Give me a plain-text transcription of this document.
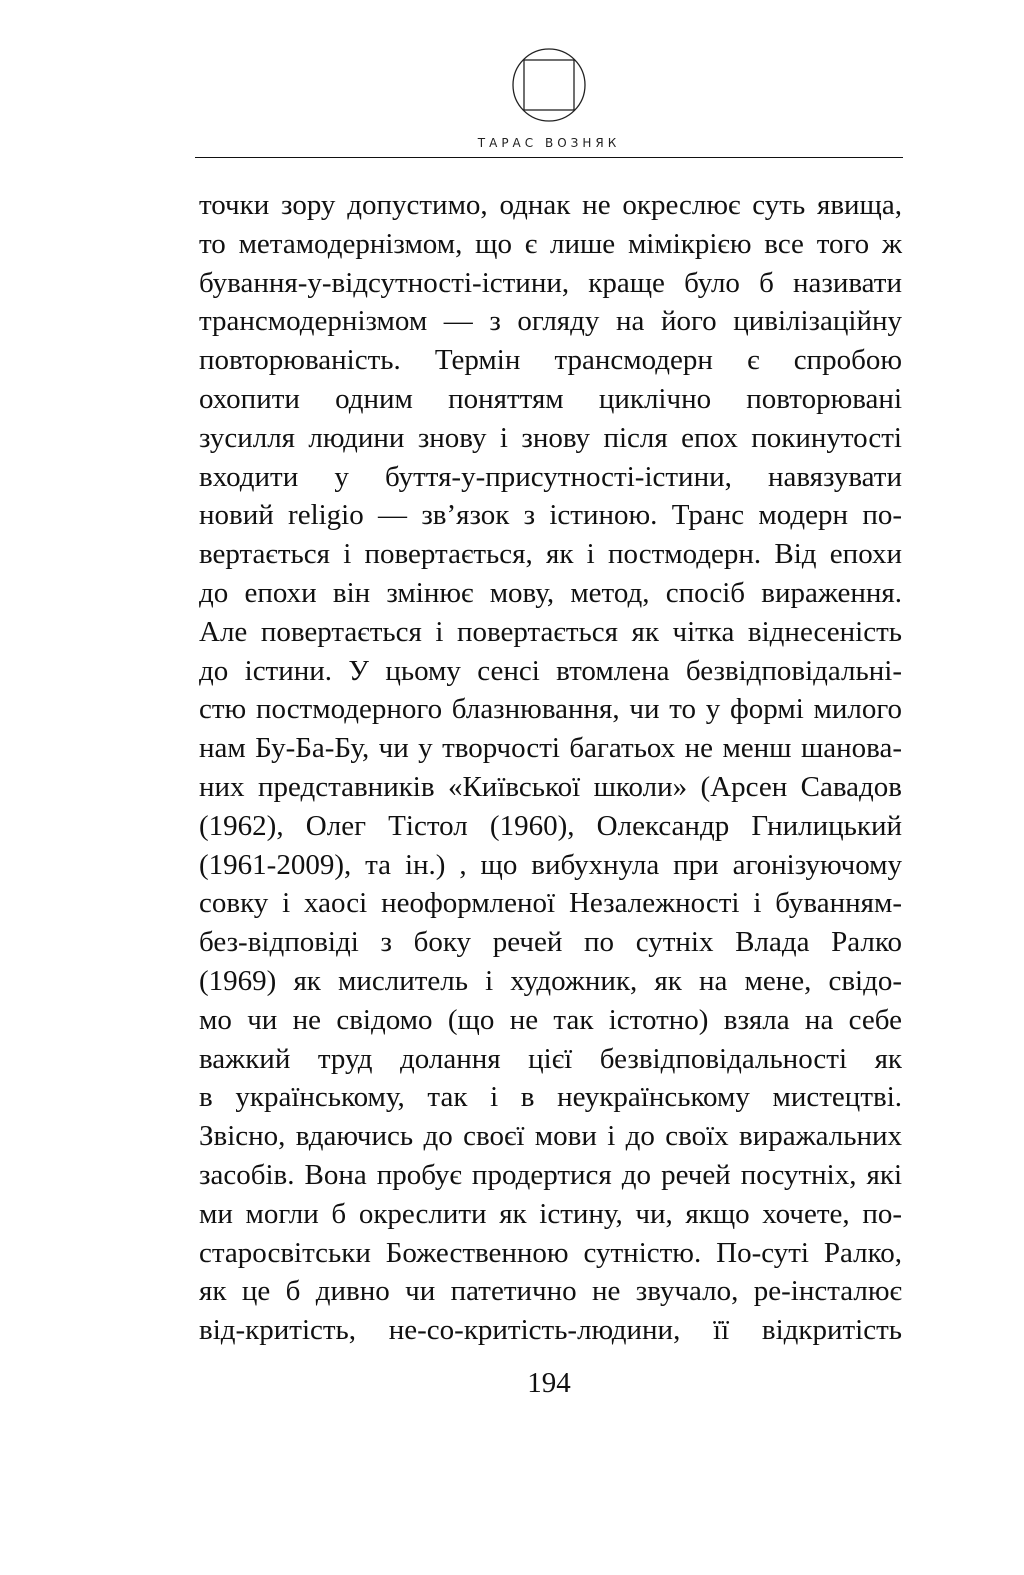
ТАРАС ВОЗНЯК
точки зору допустимо, однак не окреслює суть явища,
то метамодернізмом, що є лише мімікрією все того ж
бування-у-відсутності-істини, краще було б називати
трансмодернізмом — з огляду на його цивілізаційну
повторюваність. Термін трансмодерн є спробою
охопити одним поняттям циклічно повторювані
зусилля людини знову і знову після епох покинутості
входити у буття-у-присутності-істини, навязувати
новий religio — зв’язок з істиною. Транс модерн по-
вертається і повертається, як і постмодерн. Від епохи
до епохи він змінює мову, метод, спосіб вираження.
Але повертається і повертається як чітка віднесеність
до істини. У цьому сенсі втомлена безвідповідальні-
стю постмодерного блазнювання, чи то у формі милого
нам Бу-Ба-Бу, чи у творчості багатьох не менш шанова-
них представників «Київської школи» (Арсен Савадов
(1962), Олег Тістол (1960), Олександр Гнилицький
(1961-2009), та ін.) , що вибухнула при агонізуючому
совку і хаосі неоформленої Незалежності і буванням-
без-відповіді з боку речей по сутніх Влада Ралко
(1969) як мислитель і художник, як на мене, свідо-
мо чи не свідомо (що не так істотно) взяла на себе
важкий труд долання цієї безвідповідальності як
в українському, так і в неукраїнському мистецтві.
Звісно, вдаючись до своєї мови і до своїх виражальних
засобів. Вона пробує продертися до речей посутніх, які
ми могли б окреслити як істину, чи, якщо хочете, по-
старосвітськи Божественною сутністю. По-суті Ралко,
як це б дивно чи патетично не звучало, ре-інсталює
від-критість, не-со-критість-людини, її відкритість
194
